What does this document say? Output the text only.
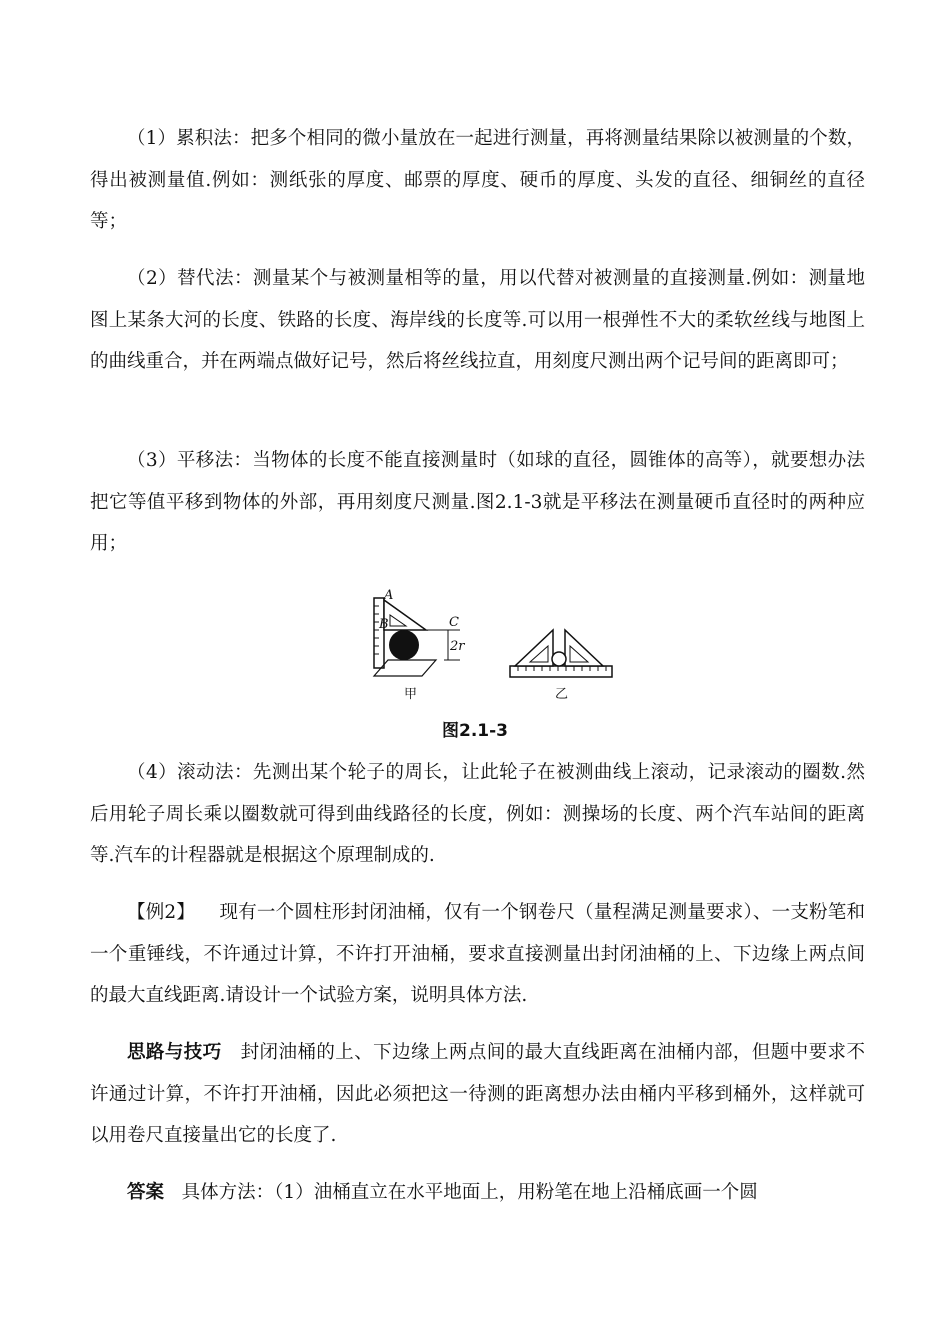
（1）累积法：把多个相同的微小量放在一起进行测量，再将测量结果除以被测量的个数，得出被测量值.例如：测纸张的厚度、邮票的厚度、硬币的厚度、头发的直径、细铜丝的直径等；

（2）替代法：测量某个与被测量相等的量，用以代替对被测量的直接测量.例如：测量地图上某条大河的长度、铁路的长度、海岸线的长度等.可以用一根弹性不大的柔软丝线与地图上的曲线重合，并在两端点做好记号，然后将丝线拉直，用刻度尺测出两个记号间的距离即可；

（3）平移法：当物体的长度不能直接测量时（如球的直径，圆锥体的高等），就要想办法把它等值平移到物体的外部，再用刻度尺测量.图2.1-3就是平移法在测量硬币直径时的两种应用；

A
B	C
2r
甲	乙
图2.1-3

（4）滚动法：先测出某个轮子的周长，让此轮子在被测曲线上滚动，记录滚动的圈数.然后用轮子周长乘以圈数就可得到曲线路径的长度，例如：测操场的长度、两个汽车站间的距离等.汽车的计程器就是根据这个原理制成的.

【例2】 现有一个圆柱形封闭油桶，仅有一个钢卷尺（量程满足测量要求）、一支粉笔和一个重锤线，不许通过计算，不许打开油桶，要求直接测量出封闭油桶的上、下边缘上两点间的最大直线距离.请设计一个试验方案，说明具体方法.

思路与技巧 封闭油桶的上、下边缘上两点间的最大直线距离在油桶内部，但题中要求不许通过计算，不许打开油桶，因此必须把这一待测的距离想办法由桶内平移到桶外，这样就可以用卷尺直接量出它的长度了.

答案 具体方法：（1）油桶直立在水平地面上，用粉笔在地上沿桶底画一个圆
